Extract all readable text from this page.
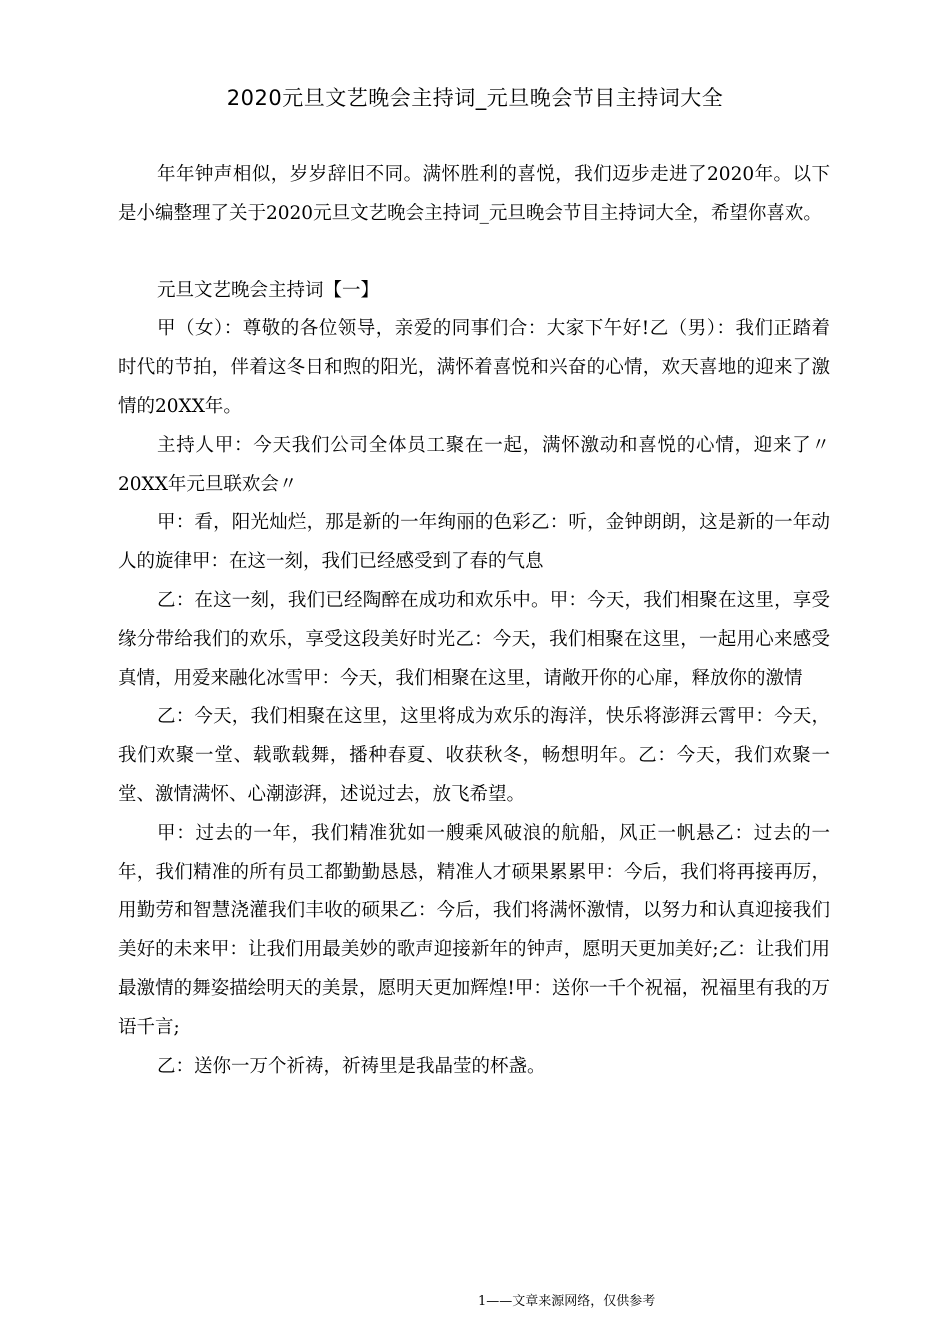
2020元旦文艺晚会主持词_元旦晚会节目主持词大全

年年钟声相似，岁岁辞旧不同。满怀胜利的喜悦，我们迈步走进了2020年。以下是小编整理了关于2020元旦文艺晚会主持词_元旦晚会节目主持词大全，希望你喜欢。

元旦文艺晚会主持词【一】

甲（女）：尊敬的各位领导，亲爱的同事们合：大家下午好!乙（男）：我们正踏着时代的节拍，伴着这冬日和煦的阳光，满怀着喜悦和兴奋的心情，欢天喜地的迎来了激情的20XX年。

主持人甲：今天我们公司全体员工聚在一起，满怀激动和喜悦的心情，迎来了〃20XX年元旦联欢会〃

甲：看，阳光灿烂，那是新的一年绚丽的色彩乙：听，金钟朗朗，这是新的一年动人的旋律甲：在这一刻，我们已经感受到了春的气息

乙：在这一刻，我们已经陶醉在成功和欢乐中。甲：今天，我们相聚在这里，享受缘分带给我们的欢乐，享受这段美好时光乙：今天，我们相聚在这里，一起用心来感受真情，用爱来融化冰雪甲：今天，我们相聚在这里，请敞开你的心扉，释放你的激情

乙：今天，我们相聚在这里，这里将成为欢乐的海洋，快乐将澎湃云霄甲：今天，我们欢聚一堂、载歌载舞，播种春夏、收获秋冬，畅想明年。乙：今天，我们欢聚一堂、激情满怀、心潮澎湃，述说过去，放飞希望。

甲：过去的一年，我们精准犹如一艘乘风破浪的航船，风正一帆悬乙：过去的一年，我们精准的所有员工都勤勤恳恳，精准人才硕果累累甲：今后，我们将再接再厉，用勤劳和智慧浇灌我们丰收的硕果乙：今后，我们将满怀激情，以努力和认真迎接我们美好的未来甲：让我们用最美妙的歌声迎接新年的钟声，愿明天更加美好;乙：让我们用最激情的舞姿描绘明天的美景，愿明天更加辉煌!甲：送你一千个祝福，祝福里有我的万语千言;

乙：送你一万个祈祷，祈祷里是我晶莹的杯盏。

1——文章来源网络，仅供参考
